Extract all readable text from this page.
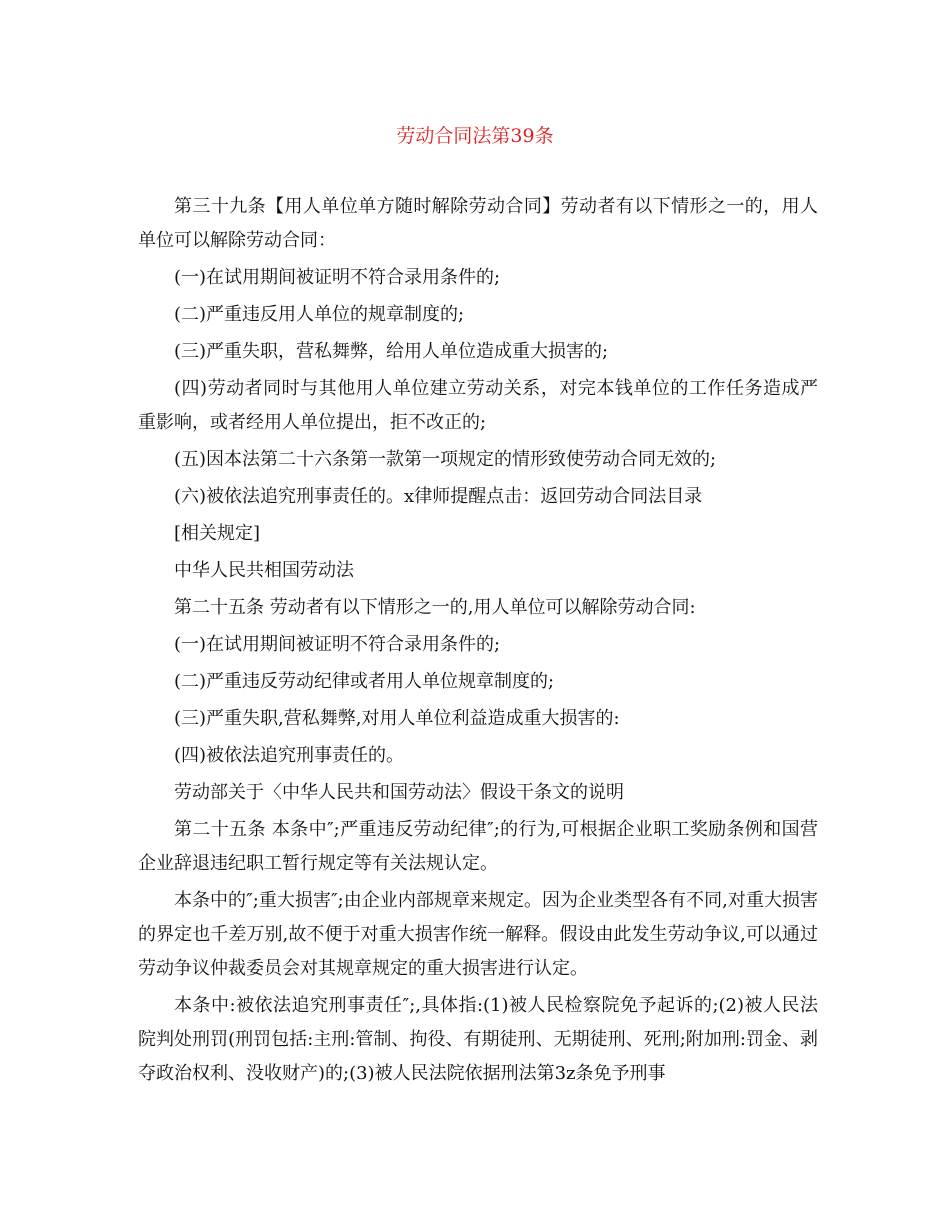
劳动合同法第39条

第三十九条【用人单位单方随时解除劳动合同】劳动者有以下情形之一的，用人单位可以解除劳动合同：

(一)在试用期间被证明不符合录用条件的;

(二)严重违反用人单位的规章制度的;

(三)严重失职，营私舞弊，给用人单位造成重大损害的;

(四)劳动者同时与其他用人单位建立劳动关系，对完本钱单位的工作任务造成严重影响，或者经用人单位提出，拒不改正的;

(五)因本法第二十六条第一款第一项规定的情形致使劳动合同无效的;

(六)被依法追究刑事责任的。x律师提醒点击：返回劳动合同法目录

[相关规定]

中华人民共相国劳动法

第二十五条 劳动者有以下情形之一的,用人单位可以解除劳动合同:

(一)在试用期间被证明不符合录用条件的;

(二)严重违反劳动纪律或者用人单位规章制度的;

(三)严重失职,营私舞弊,对用人单位利益造成重大损害的:

(四)被依法追究刑事责任的。

劳动部关于〈中华人民共和国劳动法〉假设干条文的说明

第二十五条 本条中″;严重违反劳动纪律″;的行为,可根据企业职工奖励条例和国营企业辞退违纪职工暂行规定等有关法规认定。

本条中的″;重大损害″;由企业内部规章来规定。因为企业类型各有不同,对重大损害的界定也千差万别,故不便于对重大损害作统一解释。假设由此发生劳动争议,可以通过劳动争议仲裁委员会对其规章规定的重大损害进行认定。

本条中:被依法追究刑事责任″;,具体指:(1)被人民检察院免予起诉的;(2)被人民法院判处刑罚(刑罚包括:主刑:管制、拘役、有期徒刑、无期徒刑、死刑;附加刑:罚金、剥夺政治权利、没收财产)的;(3)被人民法院依据刑法第3z条免予刑事
